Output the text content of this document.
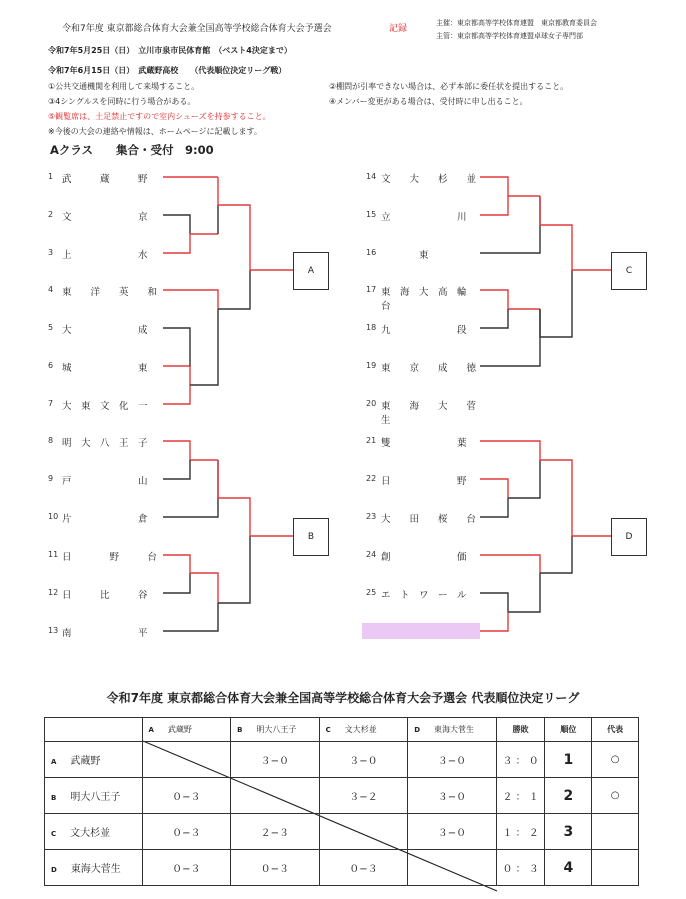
令和7年度 東京都総合体育大会兼全国高等学校総合体育大会予選会	記録
主催：東京都高等学校体育連盟　東京都教育委員会
主管：東京都高等学校体育連盟卓球女子専門部
令和7年5月25日（日）　立川市泉市民体育館　（ベスト4決定まで）
令和7年6月15日（日）　武蔵野高校　　（代表順位決定リーグ戦）
①公共交通機関を利用して来場すること。	②棚問が引率できない場合は、必ず本部に委任状を提出すること。
③4シングルスを同時に行う場合がある。	④メンバー変更がある場合は、受付時に申し出ること。
⑤観覧席は、土足禁止ですので室内シューズを持参すること。
※今後の大会の連絡や情報は、ホームページに記載します。
Aクラス　　集合・受付　9:00
1 武　　　蔵　　　野
2 文　　　　　　　京
3 上　　　　　　　水
4 東　　洋　　英　　和
5 大　　　　　　　成
6 城　　　　　　　東
7 大　東　文　化　一
8 明　大　八　王　子
9 戸　　　　　　　山
10 片　　　　　　　倉
11 日　　　　野　　　台
12 日　　　比　　　谷
13 南　　　　　　　平
14 文　　大　　杉　　並
15 立　　　　　　　川
16 　　　　東　　　　
17 東　海　大　高　輪　台
18 九　　　　　　　段
19 東　　京　　成　　徳
20 東　　海　　大　　菅　　生
21 雙　　　　　　　葉
22 日　　　　　　　野
23 大　　田　　桜　　台
24 創　　　　　　　価
25 エ　ト　ワ　ー　ル
A
B
C
D
令和7年度 東京都総合体育大会兼全国高等学校総合体育大会予選会 代表順位決定リーグ
	A 武蔵野	B 明大八王子	C 文大杉並	D 東海大菅生	勝敗	順位	代表
A 武蔵野		３−０	３−０	３−０	３ ： ０	1	○
B 明大八王子	０−３		３−２	３−０	２ ： １	2	○
C 文大杉並	０−３	２−３		３−０	１ ： ２	3	
D 東海大菅生	０−３	０−３	０−３		０ ： ３	4	
